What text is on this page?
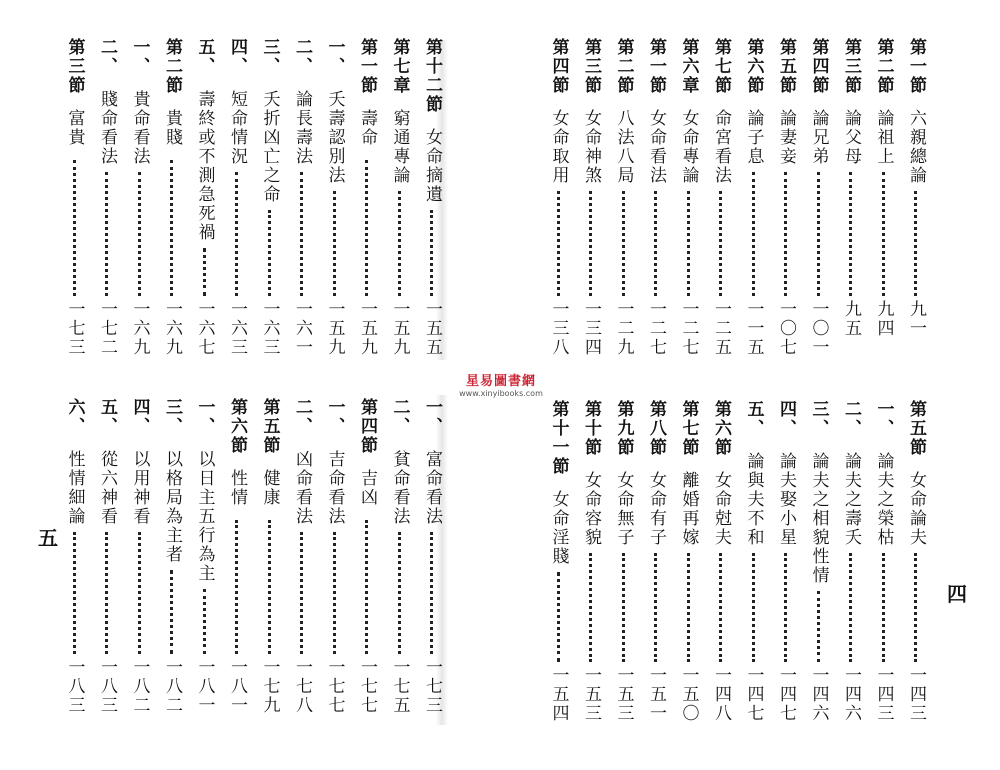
第一節六親總論
九一
第二節論祖上
九四
第三節論父母
九五
第四節論兄弟
一〇一
第五節論妻妾
一〇七
第六節論子息
一一五
第七節命宮看法
一二五
第六章女命專論
一二七
第一節女命看法
一二七
第二節八法八局
一二九
第三節女命神煞
一三四
第四節女命取用
一三八
第五節女命論夫
一四三
一、論夫之榮枯
一四三
二、論夫之壽夭
一四六
三、論夫之相貌性情
一四六
四、論夫娶小星
一四七
五、論與夫不和
一四七
第六節女命尅夫
一四八
第七節離婚再嫁
一五〇
第八節女命有子
一五一
第九節女命無子
一五三
第十節女命容貌
一五三
第十一節女命淫賤
一五四
第十二節女命摘遺
一五五
第七章窮通專論
一五九
第一節壽命
一五九
一、夭壽認別法
一五九
二、論長壽法
一六一
三、夭折凶亡之命
一六三
四、短命情況
一六三
五、壽終或不測急死禍
一六七
第二節貴賤
一六九
一、貴命看法
一六九
二、賤命看法
一七二
第三節富貴
一七三
一、富命看法
一七三
二、貧命看法
一七五
第四節吉凶
一七七
一、吉命看法
一七七
二、凶命看法
一七八
第五節健康
一七九
第六節性情
一八一
一、以日主五行為主
一八一
三、以格局為主者
一八二
四、以用神看
一八二
五、從六神看
一八三
六、性情細論
一八三
四
五
星易圖書網
www.xinyibooks.com
